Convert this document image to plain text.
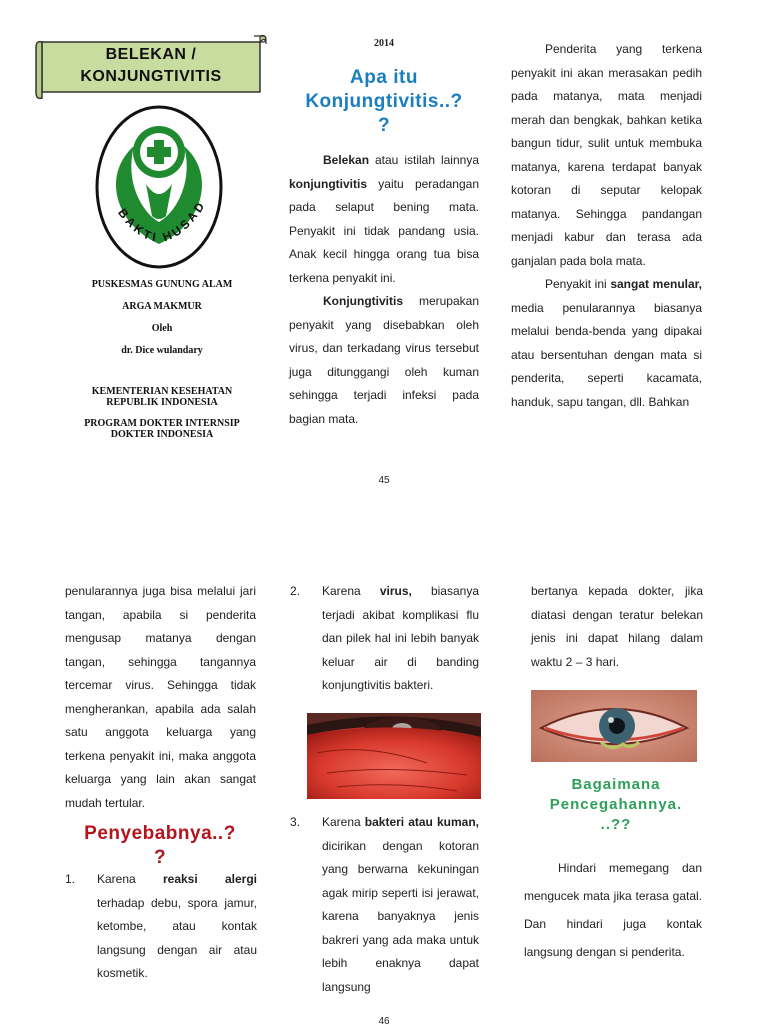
BELEKAN /
KONJUNGTIVITIS
BAKTI HUSAD
PUSKESMAS GUNUNG ALAM
ARGA MAKMUR
Oleh
dr. Dice wulandary
KEMENTERIAN KESEHATAN
REPUBLIK INDONESIA
PROGRAM DOKTER INTERNSIP
DOKTER INDONESIA
2014
Apa itu
Konjungtivitis..?
?

Belekan atau istilah lainnya konjungtivitis yaitu peradangan pada selaput bening mata. Penyakit ini tidak pandang usia. Anak kecil hingga orang tua bisa terkena penyakit ini.

Konjungtivitis merupakan penyakit yang disebabkan oleh virus, dan terkadang virus tersebut juga ditunggangi oleh kuman sehingga terjadi infeksi pada bagian mata.

Penderita yang terkena penyakit ini akan merasakan pedih pada matanya, mata menjadi merah dan bengkak, bahkan ketika bangun tidur, sulit untuk membuka matanya, karena terdapat banyak kotoran di seputar kelopak matanya. Sehingga pandangan menjadi kabur dan terasa ada ganjalan pada bola mata.

Penyakit ini sangat menular, media penularannya biasanya melalui benda-benda yang dipakai atau bersentuhan dengan mata si penderita, seperti kacamata, handuk, sapu tangan, dll. Bahkan

45

penularannya juga bisa melalui jari tangan, apabila si penderita mengusap matanya dengan tangan, sehingga tangannya tercemar virus. Sehingga tidak mengherankan, apabila ada salah satu anggota keluarga yang terkena penyakit ini, maka anggota keluarga yang lain akan sangat mudah tertular.

Penyebabnya..?
?
1.	Karena reaksi alergi terhadap debu, spora jamur, ketombe, atau kontak langsung dengan air atau kosmetik.
2.	Karena virus, biasanya terjadi akibat komplikasi flu dan pilek hal ini lebih banyak keluar air di banding konjungtivitis bakteri.
3.	Karena bakteri atau kuman, dicirikan dengan kotoran yang berwarna kekuningan agak mirip seperti isi jerawat, karena banyaknya jenis bakreri yang ada maka untuk lebih enaknya dapat langsung

bertanya kepada dokter, jika diatasi dengan teratur belekan jenis ini dapat hilang dalam waktu 2 – 3 hari.

Bagaimana
Pencegahannya.
..??

Hindari memegang dan mengucek mata jika terasa gatal. Dan hindari juga kontak langsung dengan si penderita.

46
